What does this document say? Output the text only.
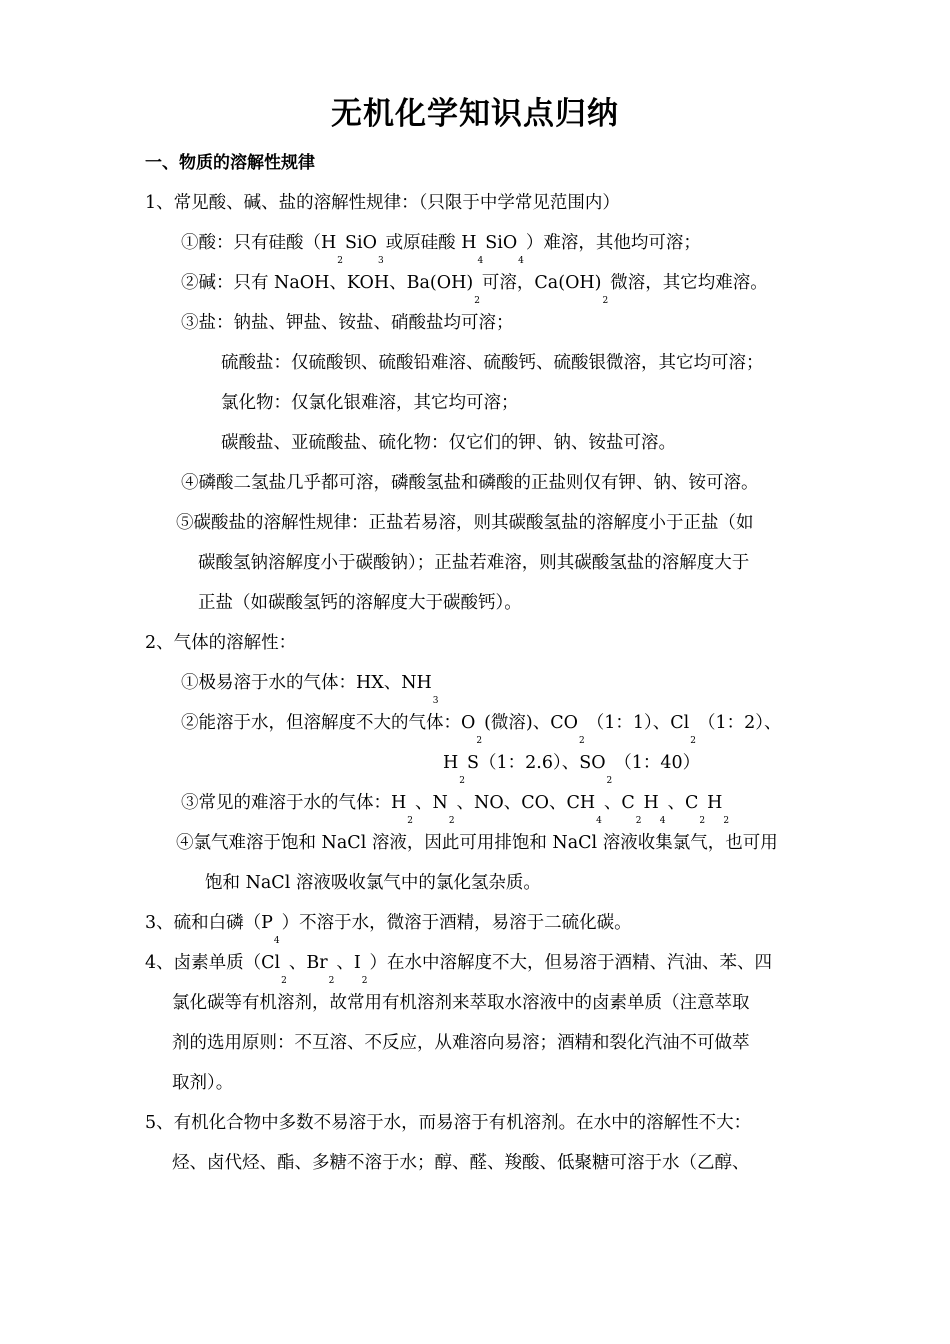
无机化学知识点归纳
一、物质的溶解性规律
1、常见酸、碱、盐的溶解性规律：（只限于中学常见范围内）
①酸：只有硅酸（$H_2SiO_3$或原硅酸 $H_4SiO_4$）难溶，其他均可溶；
②碱：只有 NaOH、KOH、$Ba(OH)_2$可溶，$Ca(OH)_2$微溶，其它均难溶。
③盐：钠盐、钾盐、铵盐、硝酸盐均可溶；
硫酸盐：仅硫酸钡、硫酸铅难溶、硫酸钙、硫酸银微溶，其它均可溶；
氯化物：仅氯化银难溶，其它均可溶；
碳酸盐、亚硫酸盐、硫化物：仅它们的钾、钠、铵盐可溶。
④磷酸二氢盐几乎都可溶，磷酸氢盐和磷酸的正盐则仅有钾、钠、铵可溶。
⑤碳酸盐的溶解性规律：正盐若易溶，则其碳酸氢盐的溶解度小于正盐（如
碳酸氢钠溶解度小于碳酸钠）；正盐若难溶，则其碳酸氢盐的溶解度大于
正盐（如碳酸氢钙的溶解度大于碳酸钙）。
2、气体的溶解性：
①极易溶于水的气体：HX、$NH_3$
②能溶于水，但溶解度不大的气体：$O_2$(微溶)、$CO_2(1$：1）、$Cl_2(1$：2）、
$H_2S(1$：2.6）、$SO_2(1$：40）
③常见的难溶于水的气体：$H_2$、$N_2$、NO、CO、$CH_4$、$C_2H_4$、$C_2H_2$
④氯气难溶于饱和 NaCl 溶液，因此可用排饱和 NaCl 溶液收集氯气，也可用
饱和 NaCl 溶液吸收氯气中的氯化氢杂质。
3、硫和白磷$(P_4)$不溶于水，微溶于酒精，易溶于二硫化碳。
4、卤素单质（$Cl_2$、$Br_2$、$I_2$）在水中溶解度不大，但易溶于酒精、汽油、苯、四
氯化碳等有机溶剂，故常用有机溶剂来萃取水溶液中的卤素单质（注意萃取
剂的选用原则：不互溶、不反应，从难溶向易溶；酒精和裂化汽油不可做萃
取剂）。
5、有机化合物中多数不易溶于水，而易溶于有机溶剂。在水中的溶解性不大：
烃、卤代烃、酯、多糖不溶于水；醇、醛、羧酸、低聚糖可溶于水（乙醇、
